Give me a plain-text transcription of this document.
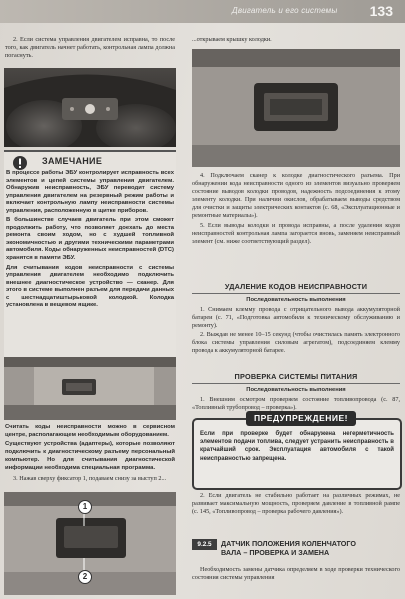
Двигатель и его системы 133

2. Если система управления двигателем исправна, то после того, как двигатель начнет работать, контрольная лампа должна погаснуть.

ЗАМЕЧАНИЕ

В процессе работы ЭБУ контролирует исправность всех элементов и цепей системы управления двигателем. Обнаружив неисправность, ЭБУ переводит систему управления двигателем на резервный режим работы и включает контрольную лампу неисправности системы управления, расположенную в щитке приборов.

В большинстве случаев двигатель при этом сможет продолжить работу, что позволяет доехать до места ремонта своим ходом, но с худшей топливной экономичностью и другими техническими параметрами автомобиля. Коды обнаруженных неисправностей (DTC) хранятся в памяти ЭБУ.

Для считывания кодов неисправности с системы управления двигателем необходимо подключить внешнее диагностическое устройство — сканер. Для этого в системе выполнен разъем для передачи данных с шестнадцатиштырьковой колодкой. Колодка установлена в вещевом ящике.

Считать коды неисправности можно в сервисном центре, располагающем необходимым оборудованием.

Существуют устройства (адаптеры), которые позволяют подключить к диагностическому разъему персональный компьютер. Но для считывания диагностической информации необходима специальная программа.

3. Нажав сверху фиксатор 1, подаваем снизу за выступ 2...

1
2

...открываем крышку колодки.

4. Подключаем сканер к колодке диагностического разъема. При обнаружении кода неисправности одного из элементов визуально проверяем состояние выводов колодки проводов, надежность подсоединения к этому элементу колодки. При наличии окислов, обрабатываем выводы средством для очистки и защиты электрических контактов (с. 68, «Эксплуатационные и ремонтные материалы»).

5. Если выводы колодки и провода исправны, а после удаления кодов неисправностей контрольная лампа загорается вновь, заменяем неисправный элемент (см. ниже соответствующий раздел).

УДАЛЕНИЕ КОДОВ НЕИСПРАВНОСТИ
Последовательность выполнения

1. Снимаем клемму провода с отрицательного вывода аккумуляторной батареи (с. 71, «Подготовка автомобиля к техническому обслуживанию и ремонту).

2. Выждав не менее 10–15 секунд (чтобы очистилась память электронного блока системы управления силовым агрегатом), подсоединяем клемму провода к аккумуляторной батарее.

ПРОВЕРКА СИСТЕМЫ ПИТАНИЯ
Последовательность выполнения

1. Внешним осмотром проверяем состояние топливопровода (с. 87, «Топливный трубопровод – проверка»).

ПРЕДУПРЕЖДЕНИЕ!

Если при проверке будет обнаружена негерметичность элементов подачи топлива, следует устранить неисправность в кратчайший срок. Эксплуатация автомобиля с такой неисправностью запрещена.

2. Если двигатель не стабильно работает на различных режимах, не развивает максимальную мощность, проверяем давление в топливной рампе (с. 145, «Топливопровод – проверка рабочего давления»).

9.2.5	ДАТЧИК ПОЛОЖЕНИЯ КОЛЕНЧАТОГО
ВАЛА – ПРОВЕРКА И ЗАМЕНА

Необходимость замены датчика определяем в ходе проверки технического состояния системы управления
